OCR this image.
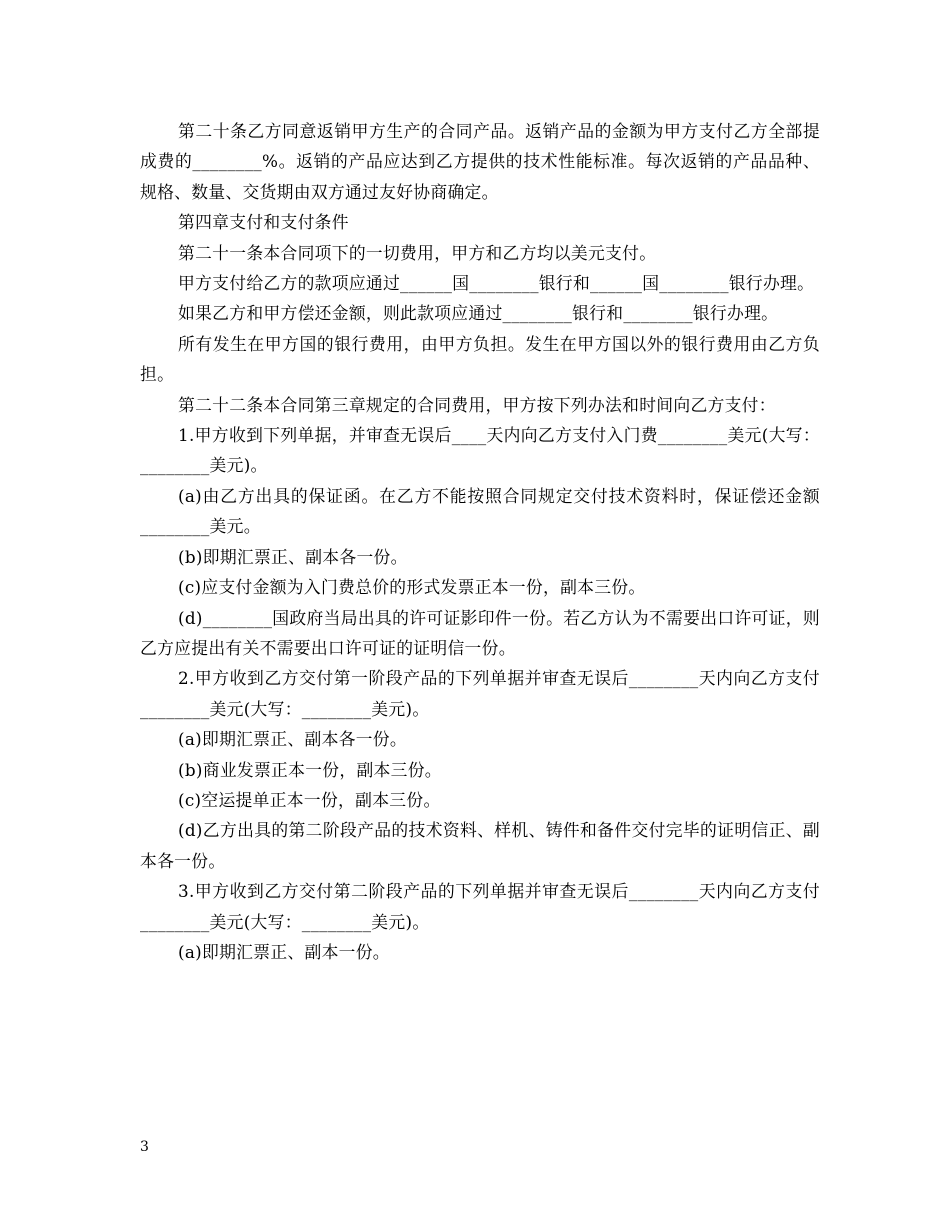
第二十条乙方同意返销甲方生产的合同产品。返销产品的金额为甲方支付乙方全部提成费的________%。返销的产品应达到乙方提供的技术性能标准。每次返销的产品品种、规格、数量、交货期由双方通过友好协商确定。

第四章支付和支付条件

第二十一条本合同项下的一切费用，甲方和乙方均以美元支付。

甲方支付给乙方的款项应通过______国________银行和______国________银行办理。

如果乙方和甲方偿还金额，则此款项应通过________银行和________银行办理。

所有发生在甲方国的银行费用，由甲方负担。发生在甲方国以外的银行费用由乙方负担。

第二十二条本合同第三章规定的合同费用，甲方按下列办法和时间向乙方支付：

1.甲方收到下列单据，并审查无误后____天内向乙方支付入门费________美元(大写：________美元)。

(a)由乙方出具的保证函。在乙方不能按照合同规定交付技术资料时，保证偿还金额________美元。

(b)即期汇票正、副本各一份。

(c)应支付金额为入门费总价的形式发票正本一份，副本三份。

(d)________国政府当局出具的许可证影印件一份。若乙方认为不需要出口许可证，则乙方应提出有关不需要出口许可证的证明信一份。

2.甲方收到乙方交付第一阶段产品的下列单据并审查无误后________天内向乙方支付________美元(大写：________美元)。

(a)即期汇票正、副本各一份。

(b)商业发票正本一份，副本三份。

(c)空运提单正本一份，副本三份。

(d)乙方出具的第二阶段产品的技术资料、样机、铸件和备件交付完毕的证明信正、副本各一份。

3.甲方收到乙方交付第二阶段产品的下列单据并审查无误后________天内向乙方支付________美元(大写：________美元)。

(a)即期汇票正、副本一份。

3
